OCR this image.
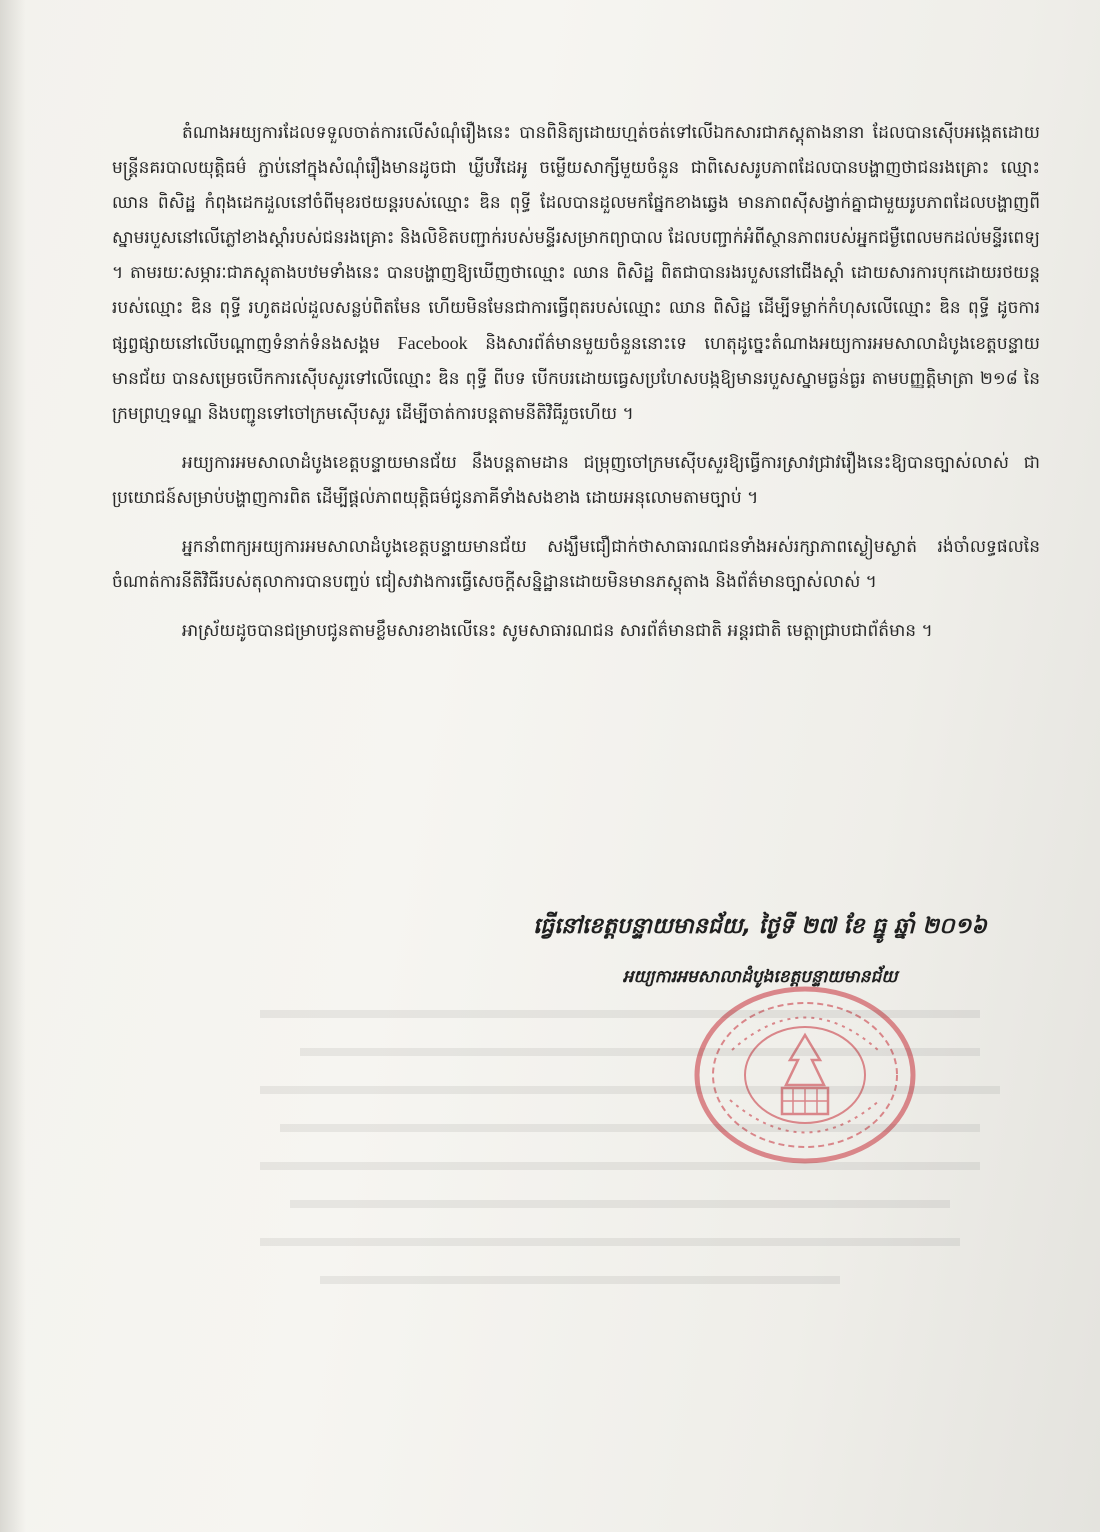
តំណាងអយ្យការដែលទទួលចាត់ការលើសំណុំរឿងនេះ បានពិនិត្យដោយហ្មត់ចត់ទៅលើឯកសារជាភស្តុតាងនានា ដែលបានស៊ើបអង្កេតដោយមន្ត្រីនគរបាលយុត្តិធម៌ ភ្ជាប់នៅក្នុងសំណុំរឿងមានដូចជា ឃ្លីបវីដេអូ ចម្លើយសាក្សីមួយចំនួន ជាពិសេសរូបភាពដែលបានបង្ហាញថាជនរងគ្រោះ ឈ្មោះ ឈាន ពិសិដ្ឋ កំពុងដេកដួលនៅចំពីមុខរថយន្តរបស់ឈ្មោះ ឌិន ពុទ្ធី ដែលបានដួលមកផ្នែកខាងឆ្វេង មានភាពស៊ីសង្វាក់គ្នាជាមួយរូបភាពដែលបង្ហាញពីស្នាមរបួសនៅលើភ្លៅខាងស្តាំរបស់ជនរងគ្រោះ និងលិខិតបញ្ជាក់របស់មន្ទីរសម្រាកព្យាបាល ដែលបញ្ជាក់អំពីស្ថានភាពរបស់អ្នកជម្ងឺពេលមកដល់មន្ទីរពេទ្យ ។ តាមរយៈសម្ភារៈជាភស្តុតាងបឋមទាំងនេះ បានបង្ហាញឱ្យឃើញថាឈ្មោះ ឈាន ពិសិដ្ឋ ពិតជាបានរងរបួសនៅជើងស្តាំ ដោយសារការបុកដោយរថយន្តរបស់ឈ្មោះ ឌិន ពុទ្ធី រហូតដល់ដួលសន្លប់ពិតមែន ហើយមិនមែនជាការធ្វើពុតរបស់ឈ្មោះ ឈាន ពិសិដ្ឋ ដើម្បីទម្លាក់កំហុសលើឈ្មោះ ឌិន ពុទ្ធី ដូចការផ្សព្វផ្សាយនៅលើបណ្តាញទំនាក់ទំនងសង្គម Facebook និងសារព័ត៌មានមួយចំនួននោះទេ ហេតុដូច្នេះតំណាងអយ្យការអមសាលាដំបូងខេត្តបន្ទាយមានជ័យ បានសម្រេចបើកការស៊ើបសួរទៅលើឈ្មោះ ឌិន ពុទ្ធី ពីបទ បើកបរដោយធ្វេសប្រហែសបង្កឱ្យមានរបួសស្នាមធ្ងន់ធ្ងរ តាមបញ្ញត្តិមាត្រា ២១៨ នៃក្រមព្រហ្មទណ្ឌ និងបញ្ជូនទៅចៅក្រមស៊ើបសួរ ដើម្បីចាត់ការបន្តតាមនីតិវិធីរួចហើយ ។

អយ្យការអមសាលាដំបូងខេត្តបន្ទាយមានជ័យ នឹងបន្តតាមដាន ជម្រុញចៅក្រមស៊ើបសួរឱ្យធ្វើការស្រាវជ្រាវរឿងនេះឱ្យបានច្បាស់លាស់ ជាប្រយោជន៍សម្រាប់បង្ហាញការពិត ដើម្បីផ្តល់ភាពយុត្តិធម៌ជូនភាគីទាំងសងខាង ដោយអនុលោមតាមច្បាប់ ។

អ្នកនាំពាក្យអយ្យការអមសាលាដំបូងខេត្តបន្ទាយមានជ័យ សង្ឃឹមជឿជាក់ថាសាធារណជនទាំងអស់រក្សាភាពស្ងៀមស្ងាត់ រង់ចាំលទ្ធផលនៃចំណាត់ការនីតិវិធីរបស់តុលាការបានបញ្ចប់ ជៀសវាងការធ្វើសេចក្តីសន្និដ្ឋានដោយមិនមានភស្តុតាង និងព័ត៌មានច្បាស់លាស់ ។

អាស្រ័យដូចបានជម្រាបជូនតាមខ្លឹមសារខាងលើនេះ សូមសាធារណជន សារព័ត៌មានជាតិ អន្តរជាតិ មេត្តាជ្រាបជាព័ត៌មាន ។

ធ្វើនៅខេត្តបន្ទាយមានជ័យ, ថ្ងៃទី ២៧ ខែ ធ្នូ ឆ្នាំ ២០១៦
អយ្យការអមសាលាដំបូងខេត្តបន្ទាយមានជ័យ
